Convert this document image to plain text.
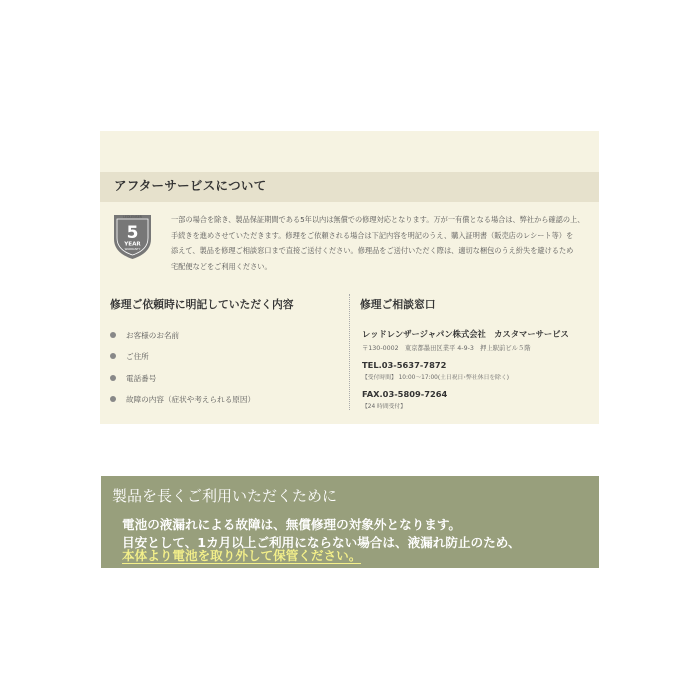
アフターサービスについて
LEDLENSER
5
YEAR
WARRANTY
一部の場合を除き、製品保証期間である5年以内は無償での修理対応となります。万が一有償となる場合は、弊社から確認の上、
手続きを進めさせていただきます。修理をご依頼される場合は下記内容を明記のうえ、購入証明書（販売店のレシート等）を
添えて、製品を修理ご相談窓口まで直接ご送付ください。修理品をご送付いただく際は、適切な梱包のうえ紛失を避けるため
宅配便などをご利用ください。
修理ご依頼時に明記していただく内容
お客様のお名前
ご住所
電話番号
故障の内容（症状や考えられる原因）
修理ご相談窓口
レッドレンザージャパン株式会社　カスタマーサービス
〒130-0002　東京都墨田区業平 4-9-3　押上駅前ビル５階
TEL.03-5637-7872
【受付時間】 10:00～17:00(土日祝日･弊社休日を除く)
FAX.03-5809-7264
【24 時間受付】
製品を長くご利用いただくために
電池の液漏れによる故障は、無償修理の対象外となります。
目安として、1カ月以上ご利用にならない場合は、液漏れ防止のため、
本体より電池を取り外して保管ください。
